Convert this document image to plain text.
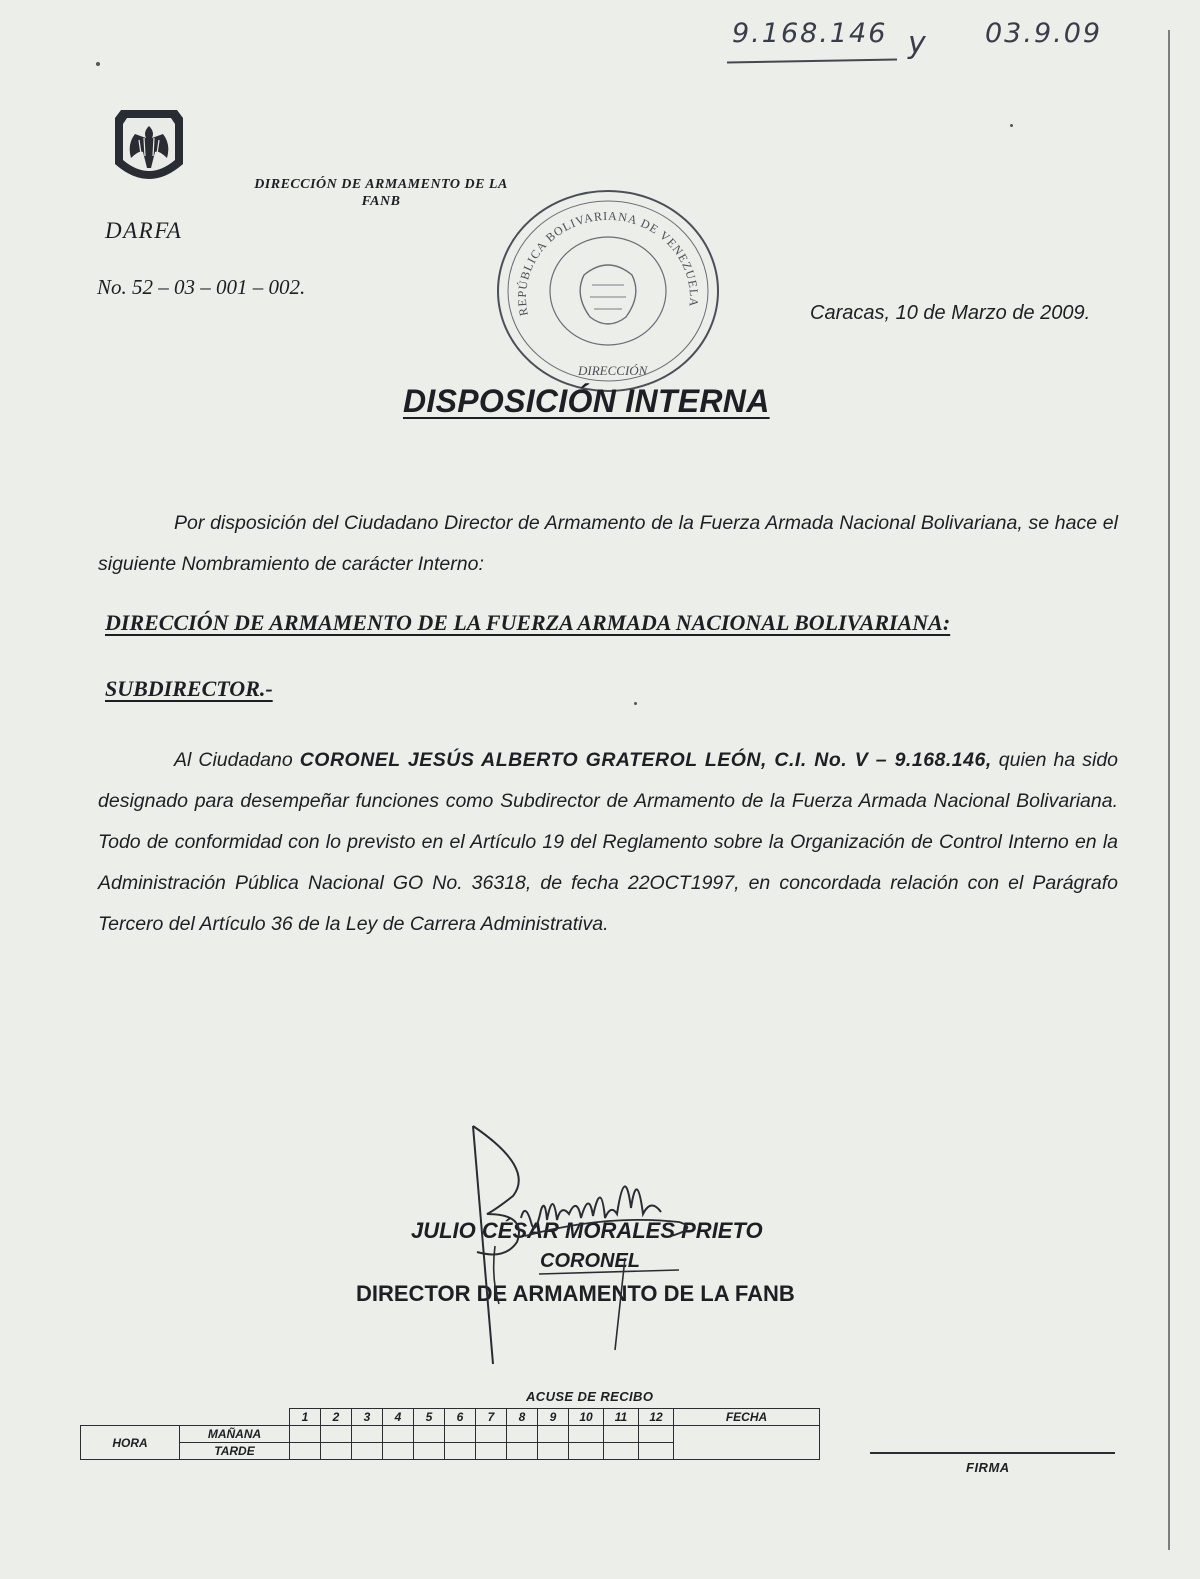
9.168.146 y 03.9.09
DIRECCIÓN DE ARMAMENTO DE LA FANB
DARFA
No. 52 – 03 – 001 – 002.
REPÚBLICA BOLIVARIANA DE VENEZUELA
DIRECCIÓN
Caracas, 10 de Marzo de 2009.
DISPOSICIÓN INTERNA

Por disposición del Ciudadano Director de Armamento de la Fuerza Armada Nacional Bolivariana, se hace el siguiente Nombramiento de carácter Interno:

DIRECCIÓN DE ARMAMENTO DE LA FUERZA ARMADA NACIONAL BOLIVARIANA:
SUBDIRECTOR.-

Al Ciudadano CORONEL JESÚS ALBERTO GRATEROL LEÓN, C.I. No. V – 9.168.146, quien ha sido designado para desempeñar funciones como Subdirector de Armamento de la Fuerza Armada Nacional Bolivariana. Todo de conformidad con lo previsto en el Artículo 19 del Reglamento sobre la Organización de Control Interno en la Administración Pública Nacional GO No. 36318, de fecha 22OCT1997, en concordada relación con el Parágrafo Tercero del Artículo 36 de la Ley de Carrera Administrativa.

JULIO CÉSAR MORALES PRIETO
CORONEL
DIRECTOR DE ARMAMENTO DE LA FANB
ACUSE DE RECIBO
		1	2	3	4	5	6	7	8	9	10	11	12	FECHA
HORA	MAÑANA													
	TARDE													
FIRMA
